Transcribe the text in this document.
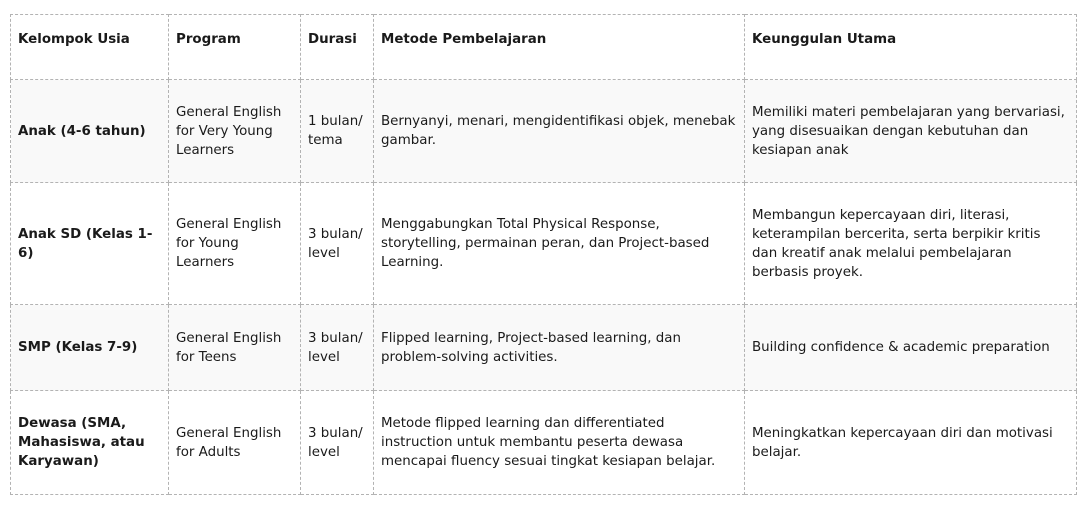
Kelompok Usia	Program	Durasi	Metode Pembelajaran	Keunggulan Utama
Anak (4-6 tahun)	General English for Very Young Learners	1 bulan/ tema	Bernyanyi, menari, mengidentifikasi objek, menebak gambar.	Memiliki materi pembelajaran yang bervariasi, yang disesuaikan dengan kebutuhan dan kesiapan anak
Anak SD (Kelas 1-6)	General English for Young Learners	3 bulan/ level	Menggabungkan Total Physical Response, storytelling, permainan peran, dan Project-based Learning.	Membangun kepercayaan diri, literasi, keterampilan bercerita, serta berpikir kritis dan kreatif anak melalui pembelajaran berbasis proyek.
SMP (Kelas 7-9)	General English for Teens	3 bulan/ level	Flipped learning, Project-based learning, dan problem-solving activities.	Building confidence & academic preparation
Dewasa (SMA, Mahasiswa, atau Karyawan)	General English for Adults	3 bulan/ level	Metode flipped learning dan differentiated instruction untuk membantu peserta dewasa mencapai fluency sesuai tingkat kesiapan belajar.	Meningkatkan kepercayaan diri dan motivasi belajar.
